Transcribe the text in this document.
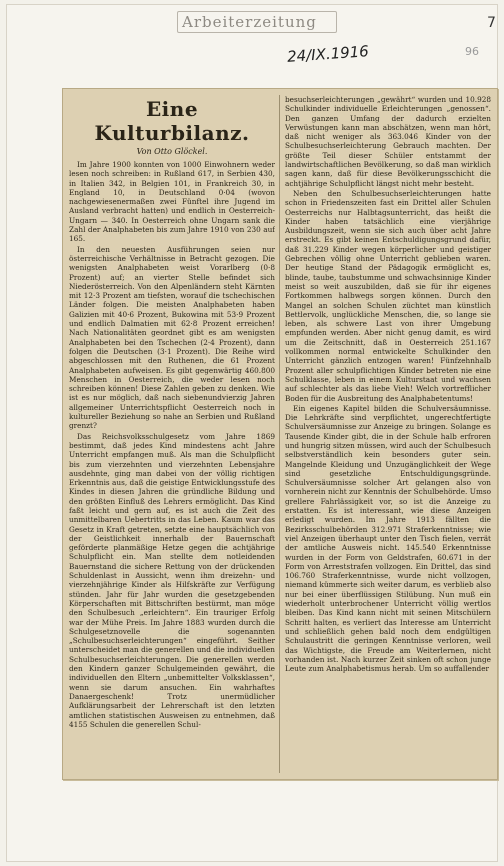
Arbeiterzeitung
24/IX.1916
7
96
Eine Kulturbilanz.
Von Otto Glöckel.

Im Jahre 1900 konnten von 1000 Einwohnern weder lesen noch schreiben: in Rußland 617, in Serbien 430, in Italien 342, in Belgien 101, in Frankreich 30, in England 10, in Deutschland 0·04 (wovon nachgewiesenermaßen zwei Fünftel ihre Jugend im Ausland verbracht hatten) und endlich in Oesterreich-Ungarn — 340. In Oesterreich ohne Ungarn sank die Zahl der Analphabeten bis zum Jahre 1910 von 230 auf 165.

In den neuesten Ausführungen seien nur österreichische Verhältnisse in Betracht gezogen. Die wenigsten Analphabeten weist Vorarlberg (0·8 Prozent) auf; an vierter Stelle befindet sich Niederösterreich. Von den Alpenländern steht Kärnten mit 12·3 Prozent am tiefsten, worauf die tschechischen Länder folgen. Die meisten Analphabeten haben Galizien mit 40·6 Prozent, Bukowina mit 53·9 Prozent und endlich Dalmatien mit 62·8 Prozent erreichen! Nach Nationalitäten geordnet gibt es am wenigsten Analphabeten bei den Tschechen (2·4 Prozent), dann folgen die Deutschen (3·1 Prozent). Die Reihe wird abgeschlossen mit den Ruthenen, die 61 Prozent Analphabeten aufweisen. Es gibt gegenwärtig 460.800 Menschen in Oesterreich, die weder lesen noch schreiben können! Diese Zahlen geben zu denken. Wie ist es nur möglich, daß nach siebenundvierzig Jahren allgemeiner Unterrichtspflicht Oesterreich noch in kultureller Beziehung so nahe an Serbien und Rußland grenzt?

Das Reichsvolksschulgesetz vom Jahre 1869 bestimmt, daß jedes Kind mindestens acht Jahre Unterricht empfangen muß. Als man die Schulpflicht bis zum vierzehnten und vierzehnten Lebensjahre ausdehnte, ging man dabei von der völlig richtigen Erkenntnis aus, daß die geistige Entwicklungsstufe des Kindes in diesen Jahren die gründliche Bildung und den größten Einfluß des Lehrers ermöglicht. Das Kind faßt leicht und gern auf, es ist auch die Zeit des unmittelbaren Uebertritts in das Leben. Kaum war das Gesetz in Kraft getreten, setzte eine hauptsächlich von der Geistlichkeit innerhalb der Bauernschaft geförderte planmäßige Hetze gegen die achtjährige Schulpflicht ein. Man stellte dem notleidenden Bauernstand die sichere Rettung von der drückenden Schuldenlast in Aussicht, wenn ihm dreizehn- und vierzehnjährige Kinder als Hilfskräfte zur Verfügung stünden. Jahr für Jahr wurden die gesetzgebenden Körperschaften mit Bittschriften bestürmt, man möge den Schulbesuch „erleichtern“. Ein trauriger Erfolg war der Mühe Preis. Im Jahre 1883 wurden durch die Schulgesetznovelle die sogenannten „Schulbesuchserleichterungen“ eingeführt. Seither unterscheidet man die generellen und die individuellen Schulbesuchserleichterungen. Die generellen werden den Kindern ganzer Schulgemeinden gewährt, die individuellen den Eltern „unbemittelter Volksklassen“, wenn sie darum ansuchen. Ein wahrhaftes Danaergeschenk! Trotz unermüdlicher Aufklärungsarbeit der Lehrerschaft ist den letzten amtlichen statistischen Ausweisen zu entnehmen, daß 4155 Schulen die generellen Schul-

besuchserleichterungen „gewährt“ wurden und 10.928 Schulkinder individuelle Erleichterungen „genossen“. Den ganzen Umfang der dadurch erzielten Verwüstungen kann man abschätzen, wenn man hört, daß nicht weniger als 363.046 Kinder von der Schulbesuchserleichterung Gebrauch machten. Der größte Teil dieser Schüler entstammt der landwirtschaftlichen Bevölkerung, so daß man wirklich sagen kann, daß für diese Bevölkerungsschicht die achtjährige Schulpflicht längst nicht mehr besteht.

Neben den Schulbesuchserleichterungen hatte schon in Friedenszeiten fast ein Drittel aller Schulen Oesterreichs nur Halbtagsunterricht, das heißt die Kinder haben tatsächlich eine vierjährige Ausbildungszeit, wenn sie sich auch über acht Jahre erstreckt. Es gibt keinen Entschuldigungsgrund dafür, daß 31.229 Kinder wegen körperlicher und geistiger Gebrechen völlig ohne Unterricht geblieben waren. Der heutige Stand der Pädagogik ermöglicht es, blinde, taube, taubstumme und schwachsinnige Kinder meist so weit auszubilden, daß sie für ihr eigenes Fortkommen halbwegs sorgen können. Durch den Mangel an solchen Schulen züchtet man künstlich Bettlervolk, unglückliche Menschen, die, so lange sie leben, als schwere Last von ihrer Umgebung empfunden werden. Aber nicht genug damit, es wird um die Zeitschnitt, daß in Oesterreich 251.167 vollkommen normal entwickelte Schulkinder den Unterricht gänzlich entzogen waren! Fünfzehnhalb Prozent aller schulpflichtigen Kinder betreten nie eine Schulklasse, leben in einem Kulturstaat und wachsen auf schlechter als das liebe Vieh! Welch vortrefflicher Boden für die Ausbreitung des Analphabetentums!

Ein eigenes Kapitel bilden die Schulversäumnisse. Die Lehrkräfte sind verpflichtet, ungerechtfertigte Schulversäumnisse zur Anzeige zu bringen. Solange es Tausende Kinder gibt, die in der Schule halb erfroren und hungrig sitzen müssen, wird auch der Schulbesuch selbstverständlich kein besonders guter sein. Mangelnde Kleidung und Unzugänglichkeit der Wege sind gesetzliche Entschuldigungsgründe. Schulversäumnisse solcher Art gelangen also von vornherein nicht zur Kenntnis der Schulbehörde. Umso grellere Fahrlässigkeit vor, so ist die Anzeige zu erstatten. Es ist interessant, wie diese Anzeigen erledigt wurden. Im Jahre 1913 fällten die Bezirksschulbehörden 312.971 Straferkenntnisse; wie viel Anzeigen überhaupt unter den Tisch fielen, verrät der amtliche Ausweis nicht. 145.540 Erkenntnisse wurden in der Form von Geldstrafen, 60.671 in der Form von Arreststrafen vollzogen. Ein Drittel, das sind 106.760 Straferkenntnisse, wurde nicht vollzogen, niemand kümmerte sich weiter darum, es verblieb also nur bei einer überflüssigen Stilübung. Nun muß ein wiederholt unterbrochener Unterricht völlig wertlos bleiben. Das Kind kann nicht mit seinen Mitschülern Schritt halten, es verliert das Interesse am Unterricht und schließlich gehen bald noch dem endgültigen Schulaustritt die geringen Kenntnisse verloren, weil das Wichtigste, die Freude am Weiterlernen, nicht vorhanden ist. Nach kurzer Zeit sinken oft schon junge Leute zum Analphabetismus herab. Um so auffallender
